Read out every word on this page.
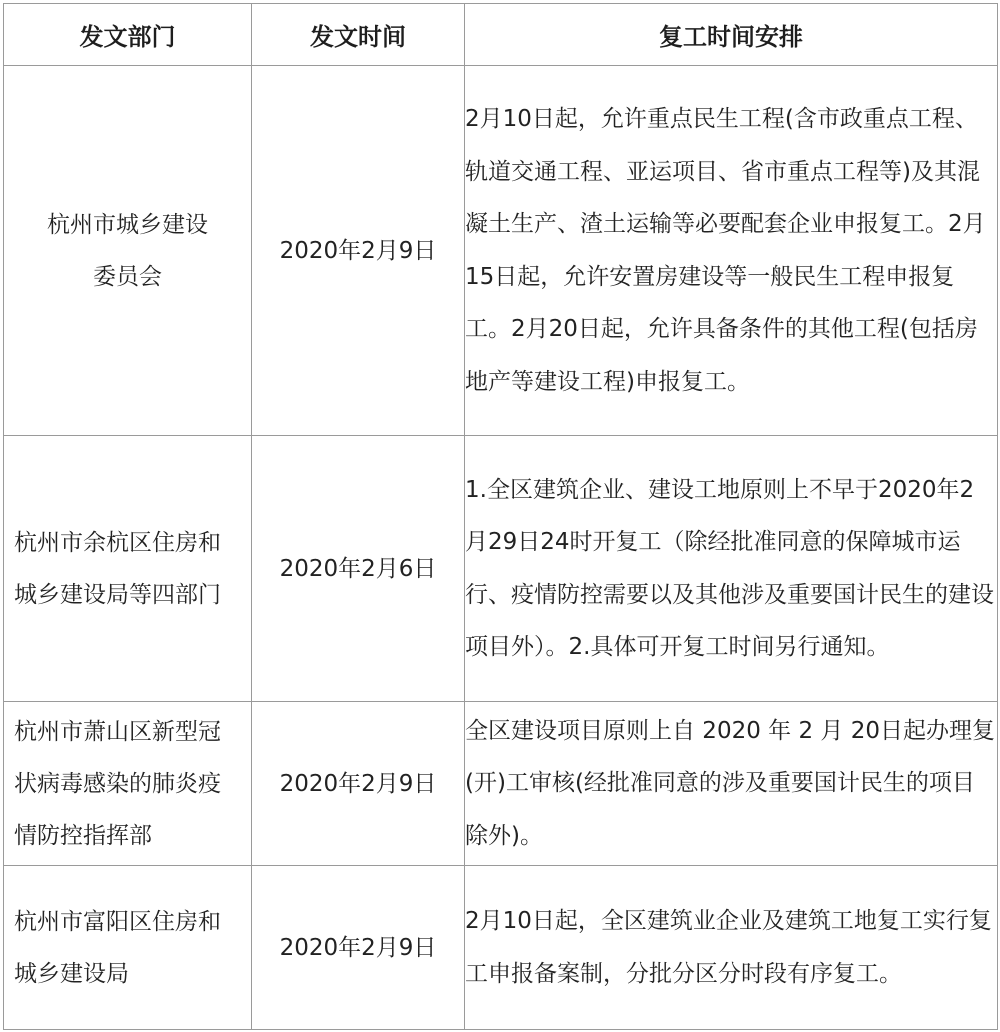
发文部门	发文时间	复工时间安排

杭州市城乡建设
委员会	2020年2月9日	2月10日起，允许重点民生工程(含市政重点工程、轨道交通工程、亚运项目、省市重点工程等)及其混凝土生产、渣土运输等必要配套企业申报复工。2月15日起，允许安置房建设等一般民生工程申报复工。2月20日起，允许具备条件的其他工程(包括房地产等建设工程)申报复工。

杭州市余杭区住房和
城乡建设局等四部门	2020年2月6日	1.全区建筑企业、建设工地原则上不早于2020年2月29日24时开复工（除经批准同意的保障城市运行、疫情防控需要以及其他涉及重要国计民生的建设项目外）。2.具体可开复工时间另行通知。

杭州市萧山区新型冠
状病毒感染的肺炎疫
情防控指挥部	2020年2月9日	全区建设项目原则上自 2020 年 2 月 20日起办理复(开)工审核(经批准同意的涉及重要国计民生的项目除外)。

杭州市富阳区住房和
城乡建设局	2020年2月9日	2月10日起，全区建筑业企业及建筑工地复工实行复工申报备案制，分批分区分时段有序复工。
